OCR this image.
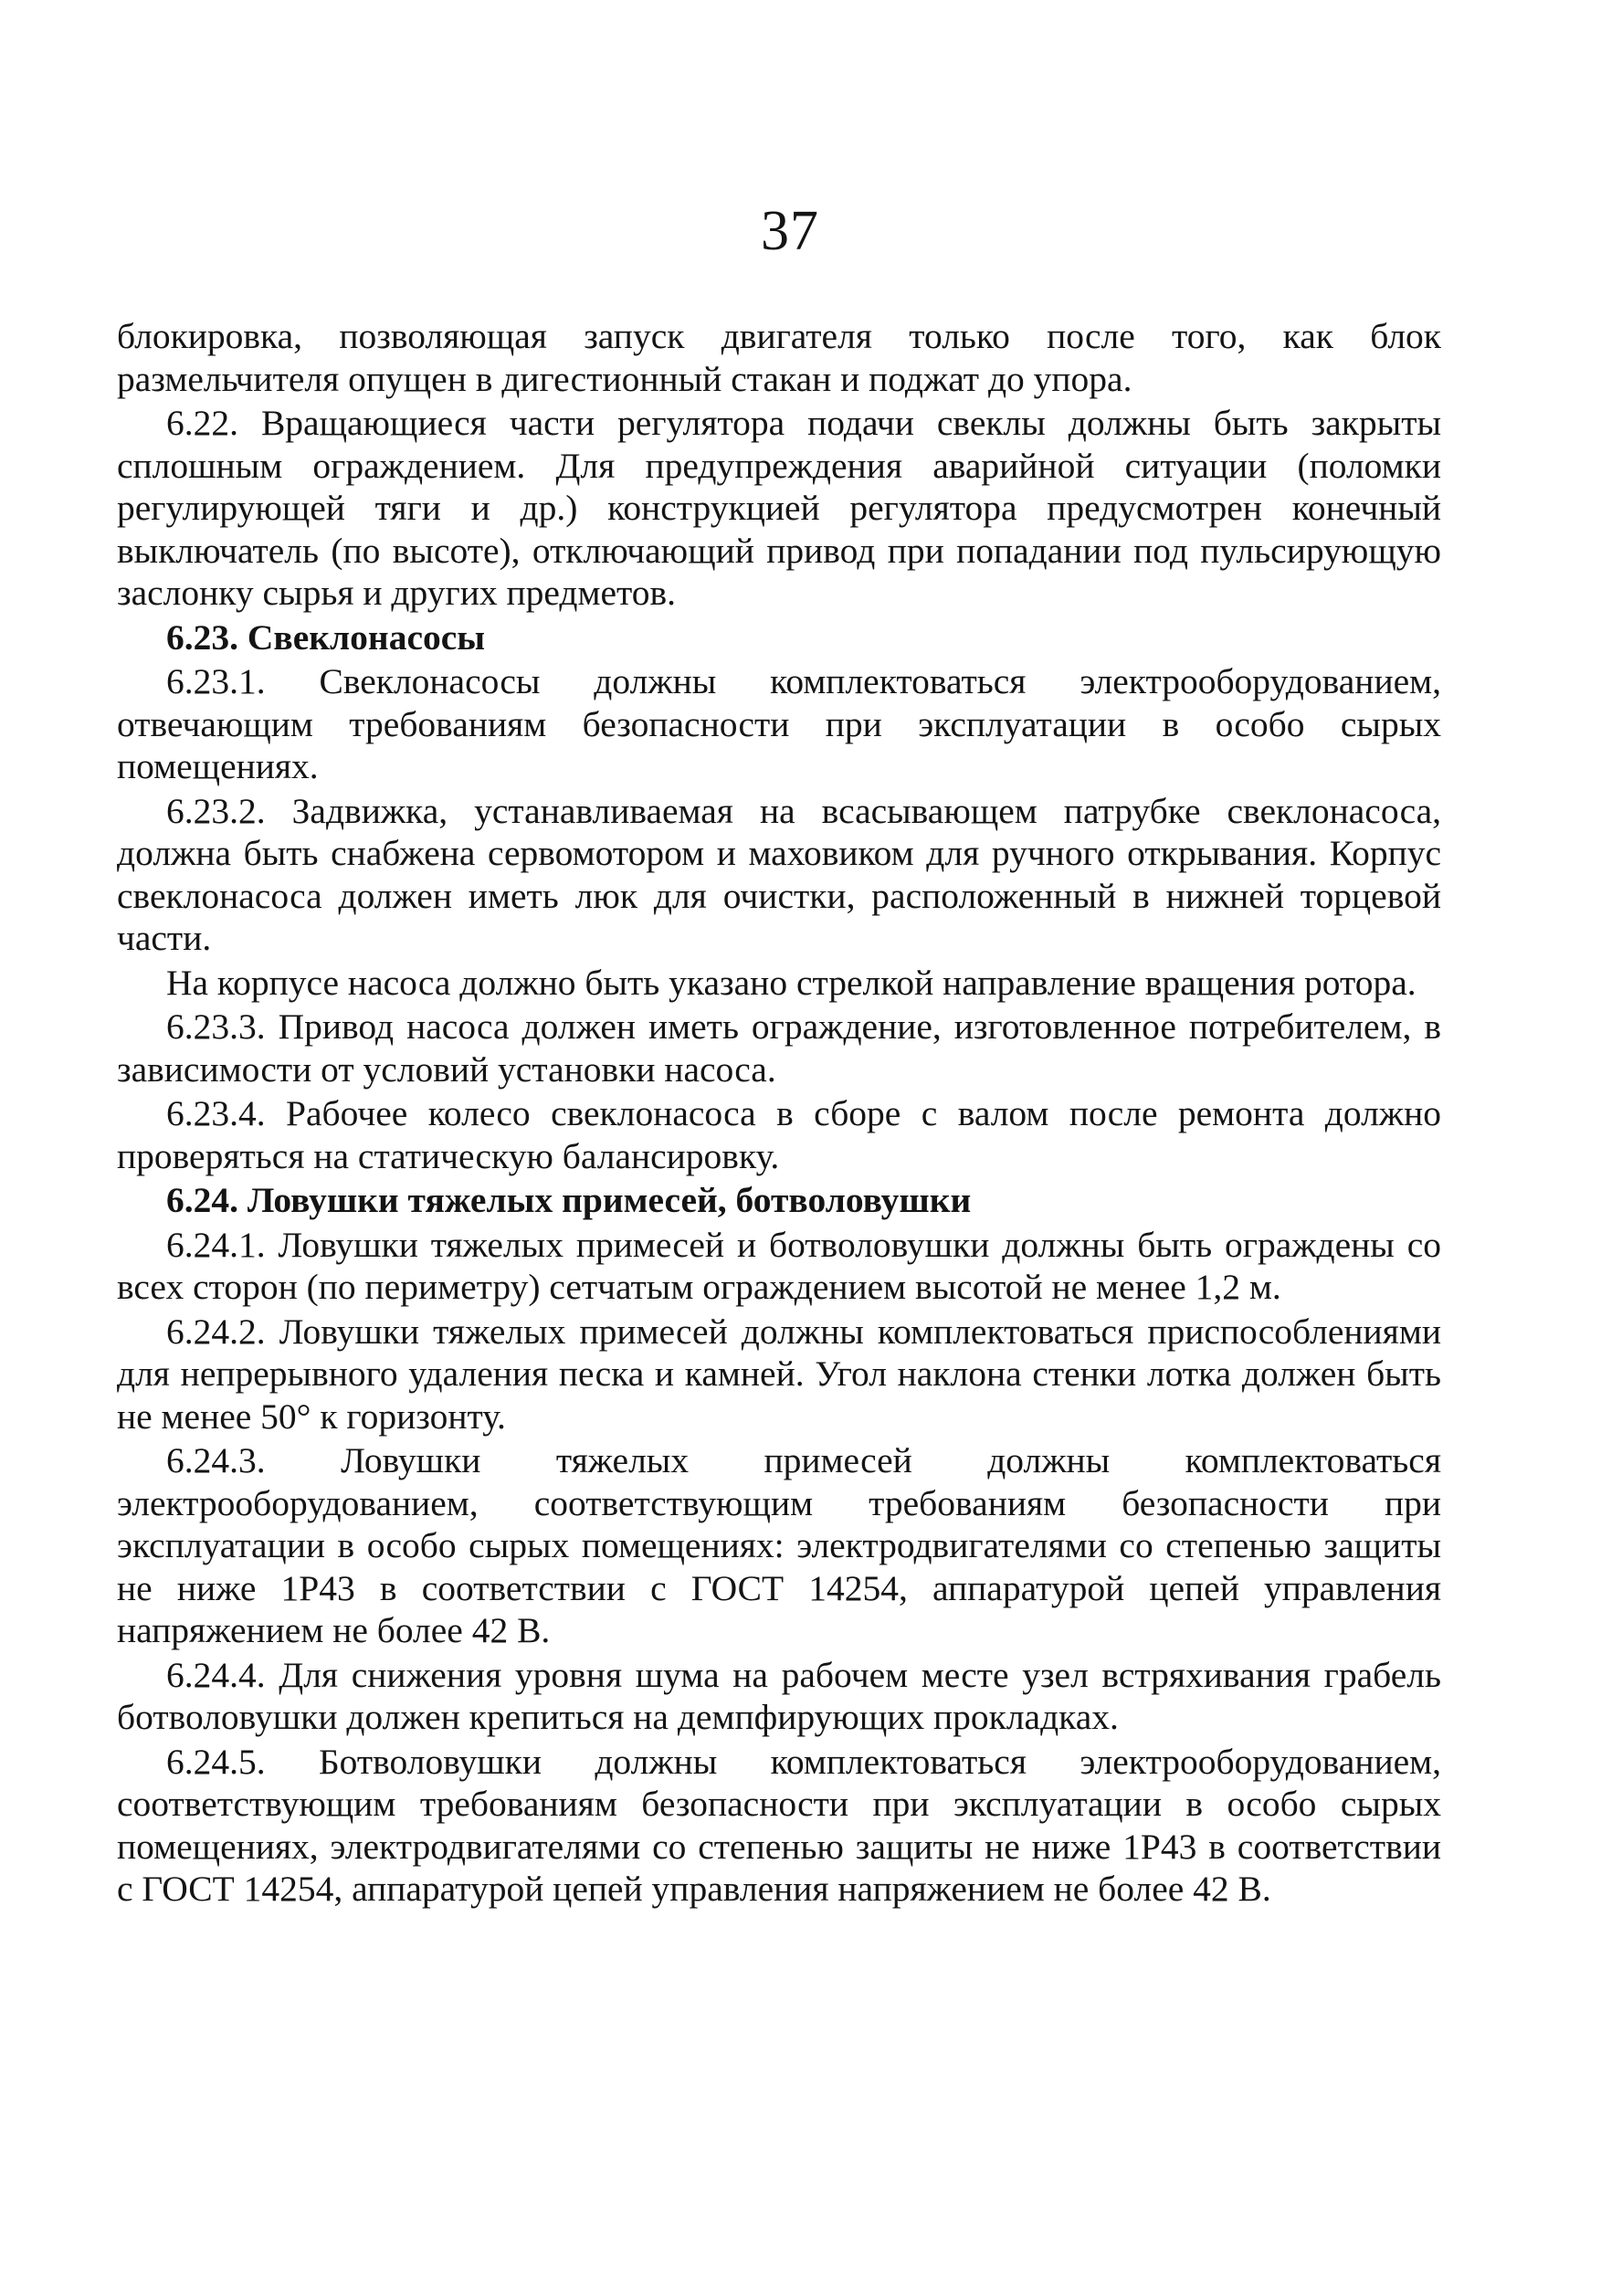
37

блокировка, позволяющая запуск двигателя только после того, как блок размельчителя опущен в дигестионный стакан и поджат до упора.

6.22. Вращающиеся части регулятора подачи свеклы должны быть закрыты сплошным ограждением. Для предупреждения аварийной ситуации (поломки регулирующей тяги и др.) конструкцией регулятора предусмотрен конечный выключатель (по высоте), отключающий привод при попадании под пульсирующую заслонку сырья и других предметов.

6.23. Свеклонасосы

6.23.1. Свеклонасосы должны комплектоваться электрооборудованием, отвечающим требованиям безопасности при эксплуатации в особо сырых помещениях.

6.23.2. Задвижка, устанавливаемая на всасывающем патрубке свеклонасоса, должна быть снабжена сервомотором и маховиком для ручного открывания. Корпус свеклонасоса должен иметь люк для очистки, расположенный в нижней торцевой части.

На корпусе насоса должно быть указано стрелкой направление вращения ротора.

6.23.3. Привод насоса должен иметь ограждение, изготовленное потребителем, в зависимости от условий установки насоса.

6.23.4. Рабочее колесо свеклонасоса в сборе с валом после ремонта должно проверяться на статическую балансировку.

6.24. Ловушки тяжелых примесей, ботволовушки

6.24.1. Ловушки тяжелых примесей и ботволовушки должны быть ограждены со всех сторон (по периметру) сетчатым ограждением высотой не менее 1,2 м.

6.24.2. Ловушки тяжелых примесей должны комплектоваться приспособлениями для непрерывного удаления песка и камней. Угол наклона стенки лотка должен быть не менее 50° к горизонту.

6.24.3. Ловушки тяжелых примесей должны комплектоваться электрооборудованием, соответствующим требованиям безопасности при эксплуатации в особо сырых помещениях: электродвигателями со степенью защиты не ниже 1Р43 в соответствии с ГОСТ 14254, аппаратурой цепей управления напряжением не более 42 В.

6.24.4. Для снижения уровня шума на рабочем месте узел встряхивания грабель ботволовушки должен крепиться на демпфирующих прокладках.

6.24.5. Ботволовушки должны комплектоваться электрооборудованием, соответствующим требованиям безопасности при эксплуатации в особо сырых помещениях, электродвигателями со степенью защиты не ниже 1Р43 в соответствии с ГОСТ 14254, аппаратурой цепей управления напряжением не более 42 В.
